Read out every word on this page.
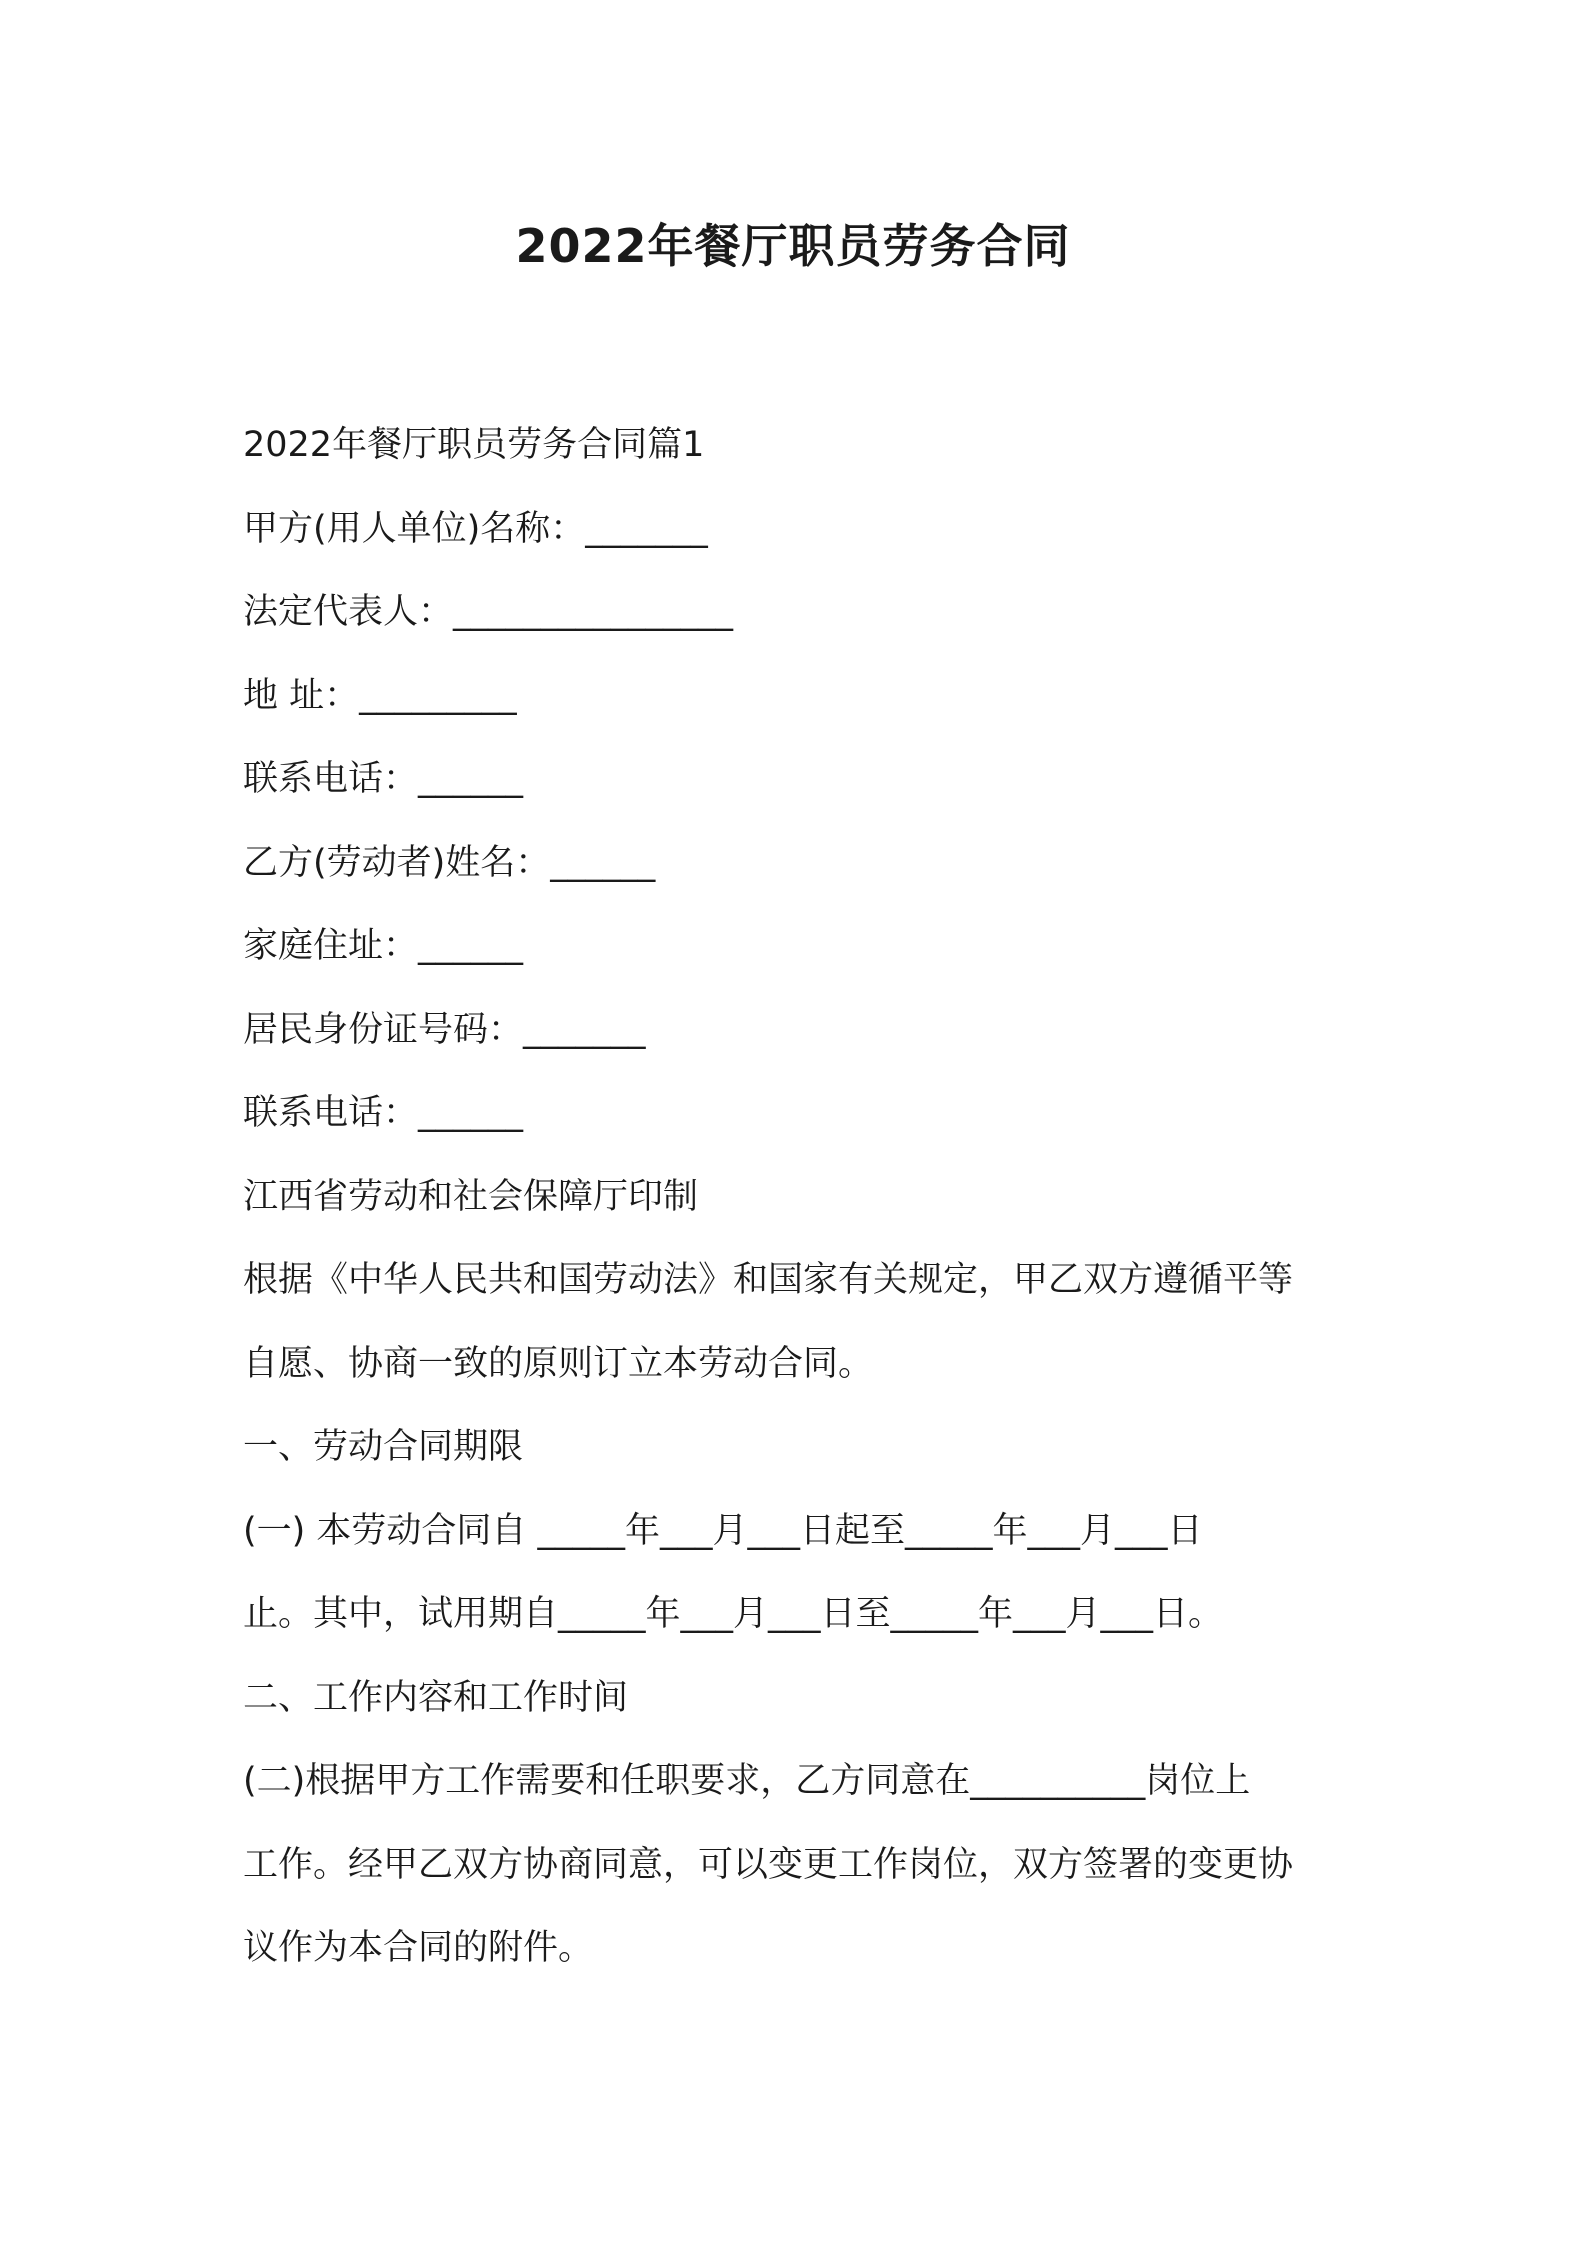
2022年餐厅职员劳务合同

2022年餐厅职员劳务合同篇1

甲方(用人单位)名称：_______

法定代表人：________________

地 址：_________

联系电话：______

乙方(劳动者)姓名：______

家庭住址：______

居民身份证号码：_______

联系电话：______

江西省劳动和社会保障厅印制

根据《中华人民共和国劳动法》和国家有关规定，甲乙双方遵循平等

自愿、协商一致的原则订立本劳动合同。

一、劳动合同期限

(一) 本劳动合同自 _____年___月___日起至_____年___月___日

止。其中，试用期自_____年___月___日至_____年___月___日。

二、工作内容和工作时间

(二)根据甲方工作需要和任职要求，乙方同意在__________岗位上

工作。经甲乙双方协商同意，可以变更工作岗位，双方签署的变更协

议作为本合同的附件。
